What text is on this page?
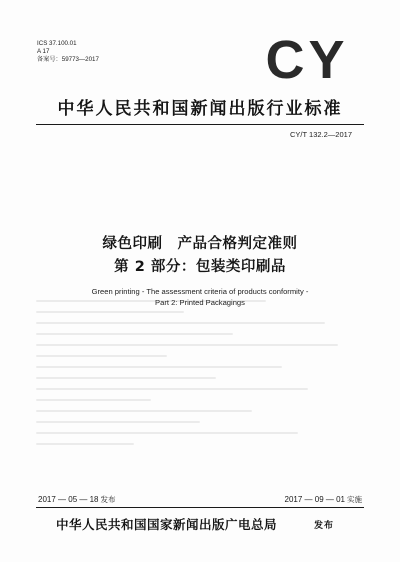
ICS 37.100.01
A 17
备案号：59773—2017	CY
中华人民共和国新闻出版行业标准
CY/T 132.2—2017
绿色印刷　产品合格判定准则
第 2 部分：包装类印刷品
Green printing - The assessment criteria of products conformity -
Part 2: Printed Packagings
2017 — 05 — 18 发布	2017 — 09 — 01 实施
中华人民共和国国家新闻出版广电总局	发布
